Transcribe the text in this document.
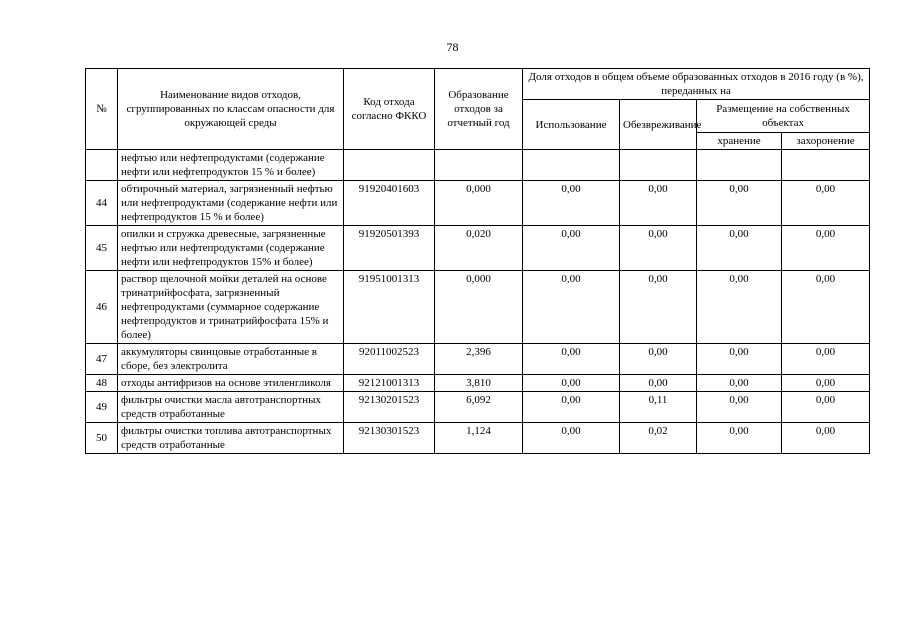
78
№	Наименование видов отходов, сгруппированных по классам опасности для окружающей среды	Код отхода согласно ФККО	Образование отходов за отчетный год	Доля отходов в общем объеме образованных отходов в 2016 году (в %), переданных на			
				Использование	Обезвреживание	Размещение на собственных объектах	
						хранение	захоронение
	нефтью или нефтепродуктами (содержание нефти или нефтепродуктов 15 % и более)						
44	обтирочный материал, загрязненный нефтью или нефтепродуктами (содержание нефти или нефтепродуктов 15 % и более)	91920401603	0,000	0,00	0,00	0,00	0,00
45	опилки и стружка древесные, загрязненные нефтью или нефтепродуктами (содержание нефти или нефтепродуктов 15% и более)	91920501393	0,020	0,00	0,00	0,00	0,00
46	раствор щелочной мойки деталей на основе тринатрийфосфата, загрязненный нефтепродуктами (суммарное содержание нефтепродуктов и тринатрийфосфата 15% и более)	91951001313	0,000	0,00	0,00	0,00	0,00
47	аккумуляторы свинцовые отработанные в сборе, без электролита	92011002523	2,396	0,00	0,00	0,00	0,00
48	отходы антифризов на основе этиленгликоля	92121001313	3,810	0,00	0,00	0,00	0,00
49	фильтры очистки масла автотранспортных средств отработанные	92130201523	6,092	0,00	0,11	0,00	0,00
50	фильтры очистки топлива автотранспортных средств отработанные	92130301523	1,124	0,00	0,02	0,00	0,00
